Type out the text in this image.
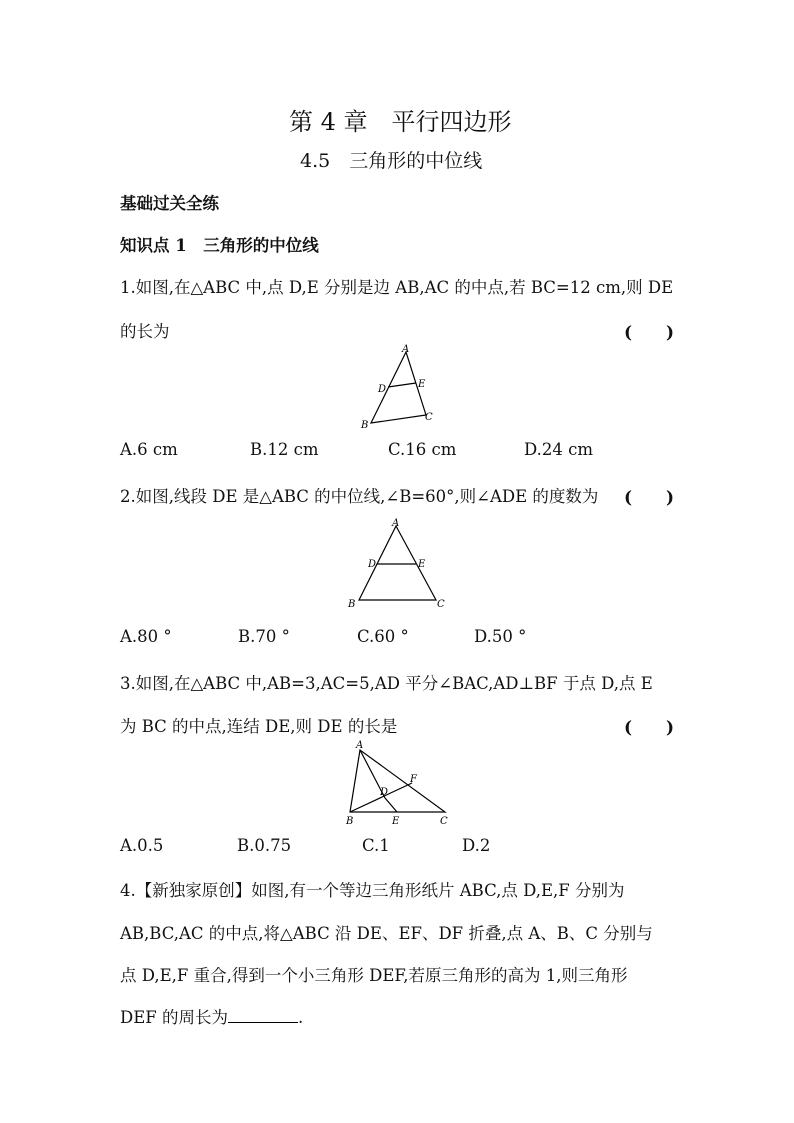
第 4 章　平行四边形
4.5　三角形的中位线
基础过关全练
知识点 1　三角形的中位线
1.如图,在△ABC 中,点 D,E 分别是边 AB,AC 的中点,若 BC=12 cm,则 DE
的长为	(　　)
A
D	E
B
C
A.6 cm	B.12 cm	C.16 cm	D.24 cm
2.如图,线段 DE 是△ABC 的中位线,∠B=60°,则∠ADE 的度数为 (　　)
A
D	E
B	C
A.80 °	B.70 °	C.60 °	D.50 °
3.如图,在△ABC 中,AB=3,AC=5,AD 平分∠BAC,AD⊥BF 于点 D,点 E
为 BC 的中点,连结 DE,则 DE 的长是	(　　)
A
F
D
B	E	C
A.0.5	B.0.75	C.1	D.2
4.【新独家原创】如图,有一个等边三角形纸片 ABC,点 D,E,F 分别为
AB,BC,AC 的中点,将△ABC 沿 DE、EF、DF 折叠,点 A、B、C 分别与
点 D,E,F 重合,得到一个小三角形 DEF,若原三角形的高为 1,则三角形
DEF 的周长为	.
